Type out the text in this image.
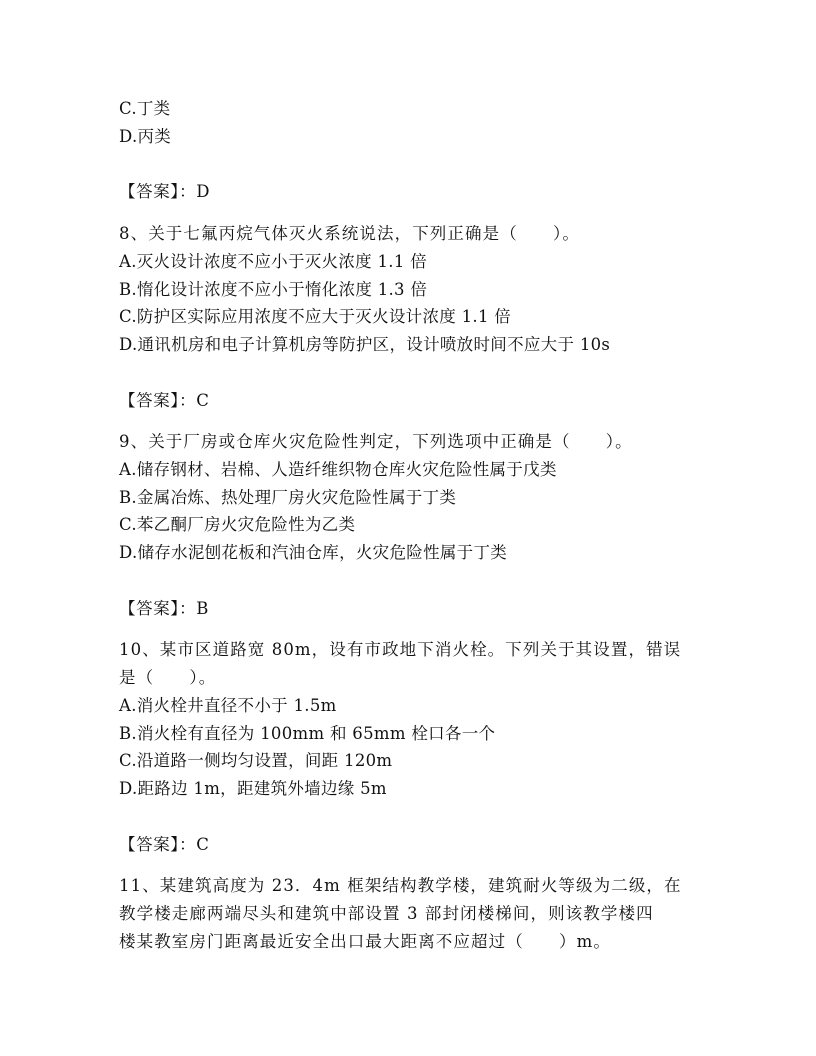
C.丁类

D.丙类

【答案】：D

8、关于七氟丙烷气体灭火系统说法，下列正确是（　　）。

A.灭火设计浓度不应小于灭火浓度 1.1 倍

B.惰化设计浓度不应小于惰化浓度 1.3 倍

C.防护区实际应用浓度不应大于灭火设计浓度 1.1 倍

D.通讯机房和电子计算机房等防护区，设计喷放时间不应大于 10s

【答案】：C

9、关于厂房或仓库火灾危险性判定，下列选项中正确是（　　）。

A.储存钢材、岩棉、人造纤维织物仓库火灾危险性属于戊类

B.金属冶炼、热处理厂房火灾危险性属于丁类

C.苯乙酮厂房火灾危险性为乙类

D.储存水泥刨花板和汽油仓库，火灾危险性属于丁类

【答案】：B

10、某市区道路宽 80m，设有市政地下消火栓。下列关于其设置，错误

是（　　）。

A.消火栓井直径不小于 1.5m

B.消火栓有直径为 100mm 和 65mm 栓口各一个

C.沿道路一侧均匀设置，间距 120m

D.距路边 1m，距建筑外墙边缘 5m

【答案】：C

11、某建筑高度为 23．4m 框架结构教学楼，建筑耐火等级为二级，在

教学楼走廊两端尽头和建筑中部设置 3 部封闭楼梯间，则该教学楼四

楼某教室房门距离最近安全出口最大距离不应超过（　　）m。
